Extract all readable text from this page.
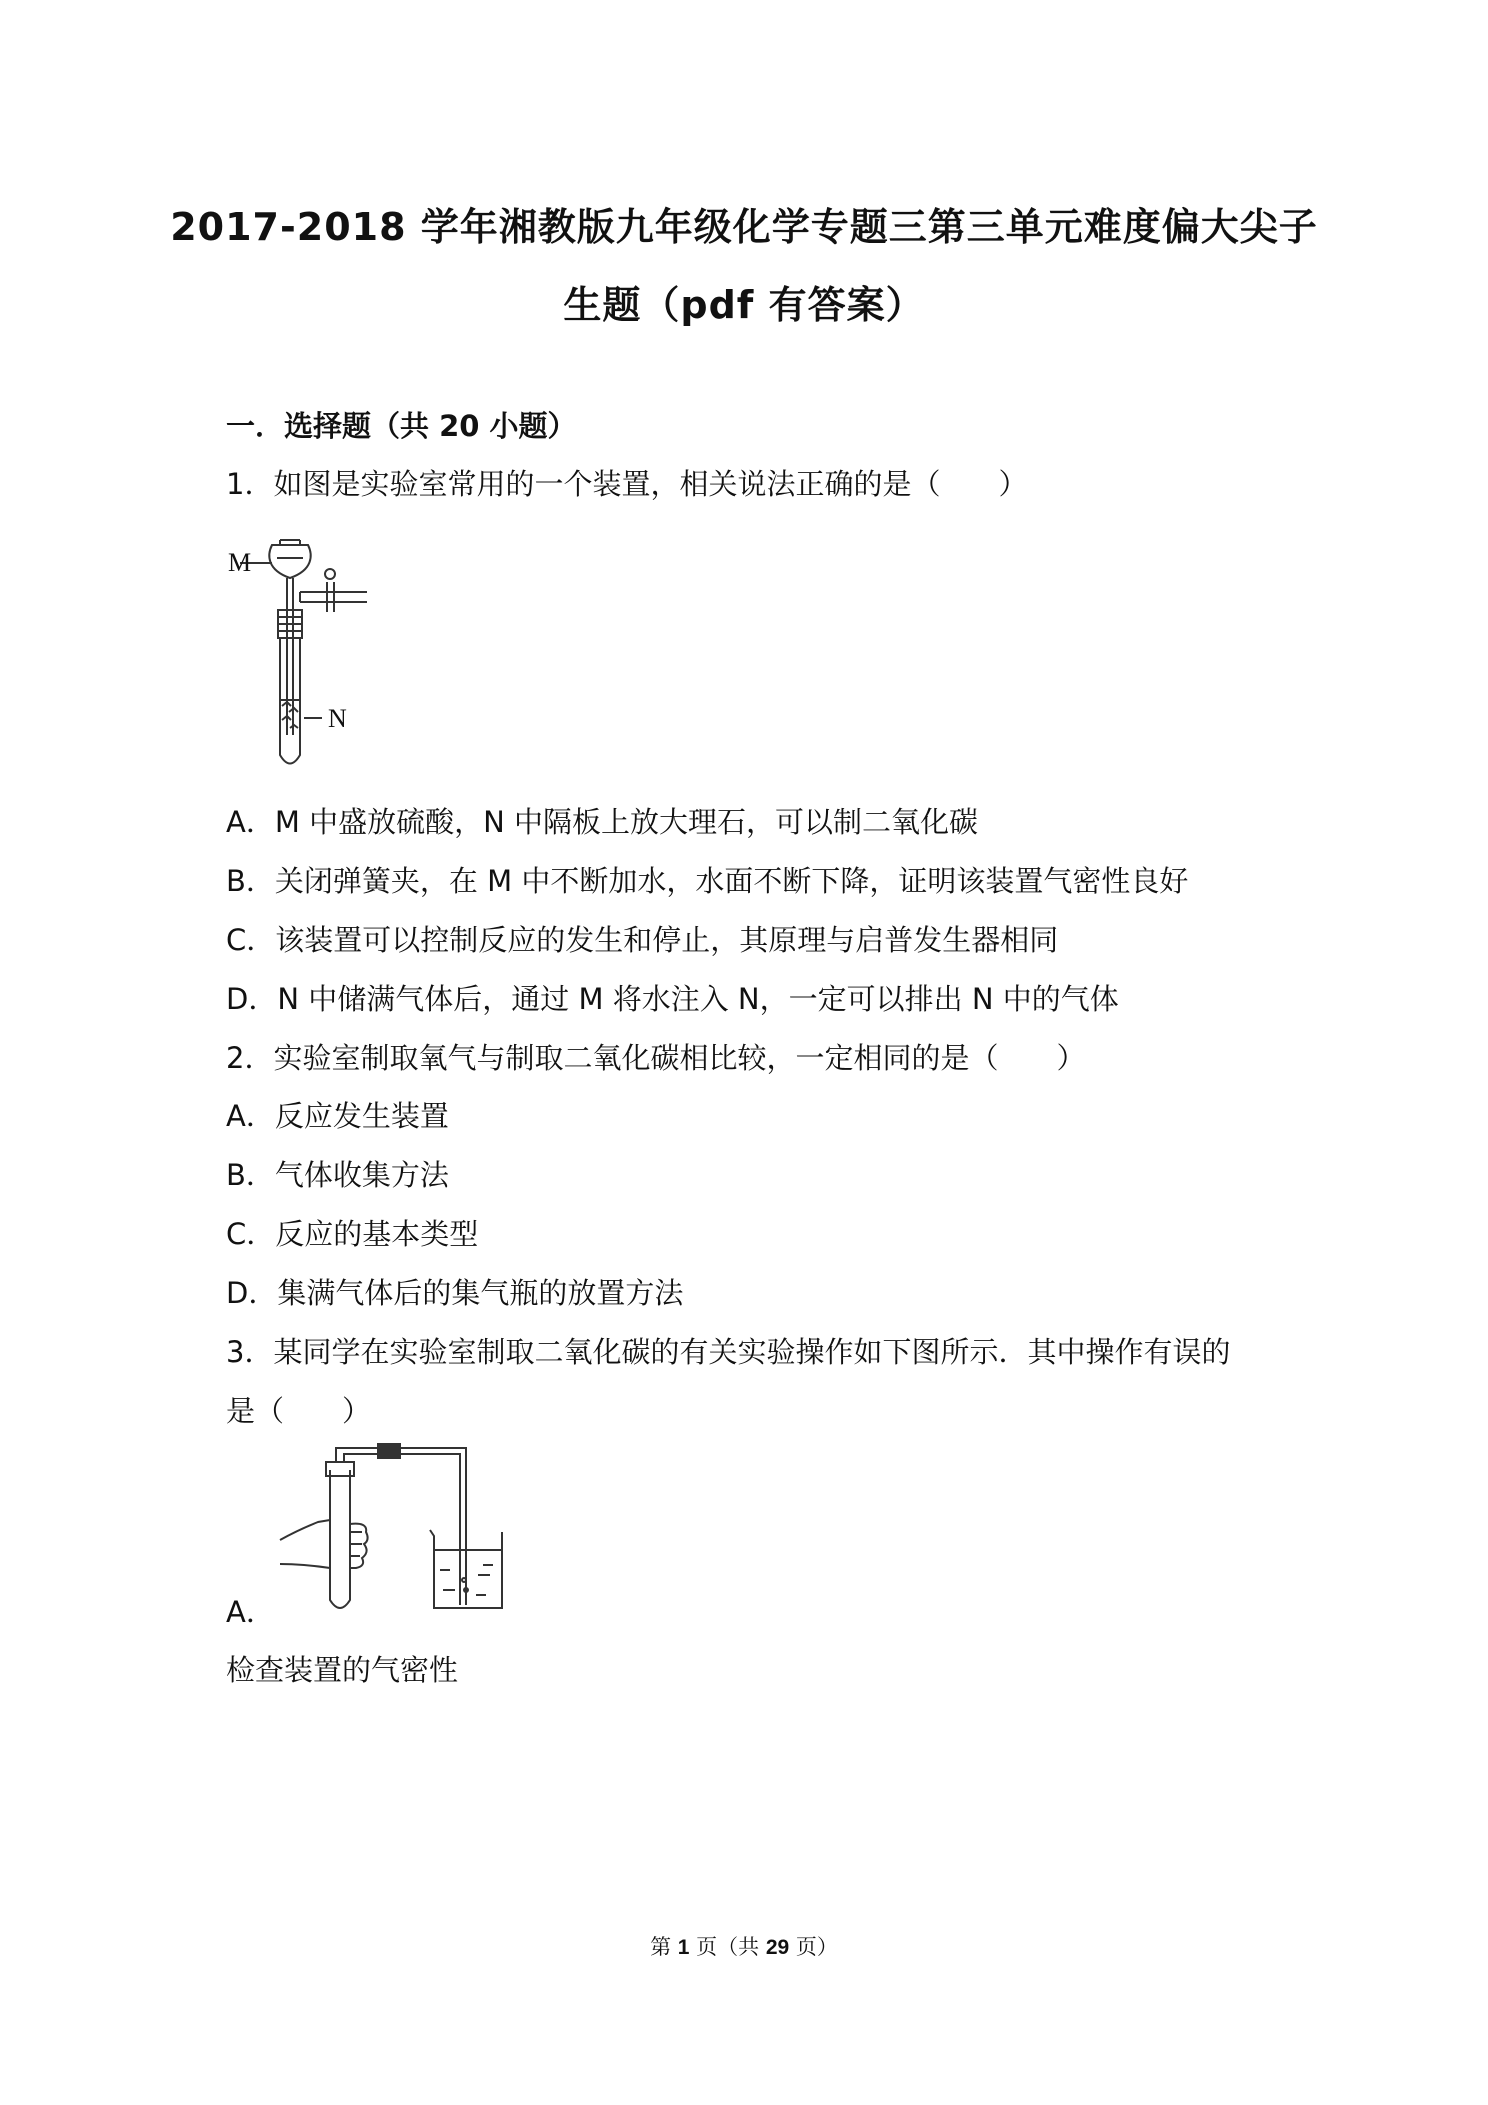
2017-2018 学年湘教版九年级化学专题三第三单元难度偏大尖子
生题（pdf 有答案）
一．选择题（共 20 小题）
1．如图是实验室常用的一个装置，相关说法正确的是（　　）
M
N
A．M 中盛放硫酸，N 中隔板上放大理石，可以制二氧化碳
B．关闭弹簧夹，在 M 中不断加水，水面不断下降，证明该装置气密性良好
C．该装置可以控制反应的发生和停止，其原理与启普发生器相同
D．N 中储满气体后，通过 M 将水注入 N，一定可以排出 N 中的气体
2．实验室制取氧气与制取二氧化碳相比较，一定相同的是（　　）
A．反应发生装置
B．气体收集方法
C．反应的基本类型
D．集满气体后的集气瓶的放置方法
3．某同学在实验室制取二氧化碳的有关实验操作如下图所示．其中操作有误的
是（　　）
A．
检查装置的气密性
第 1 页（共 29 页）
